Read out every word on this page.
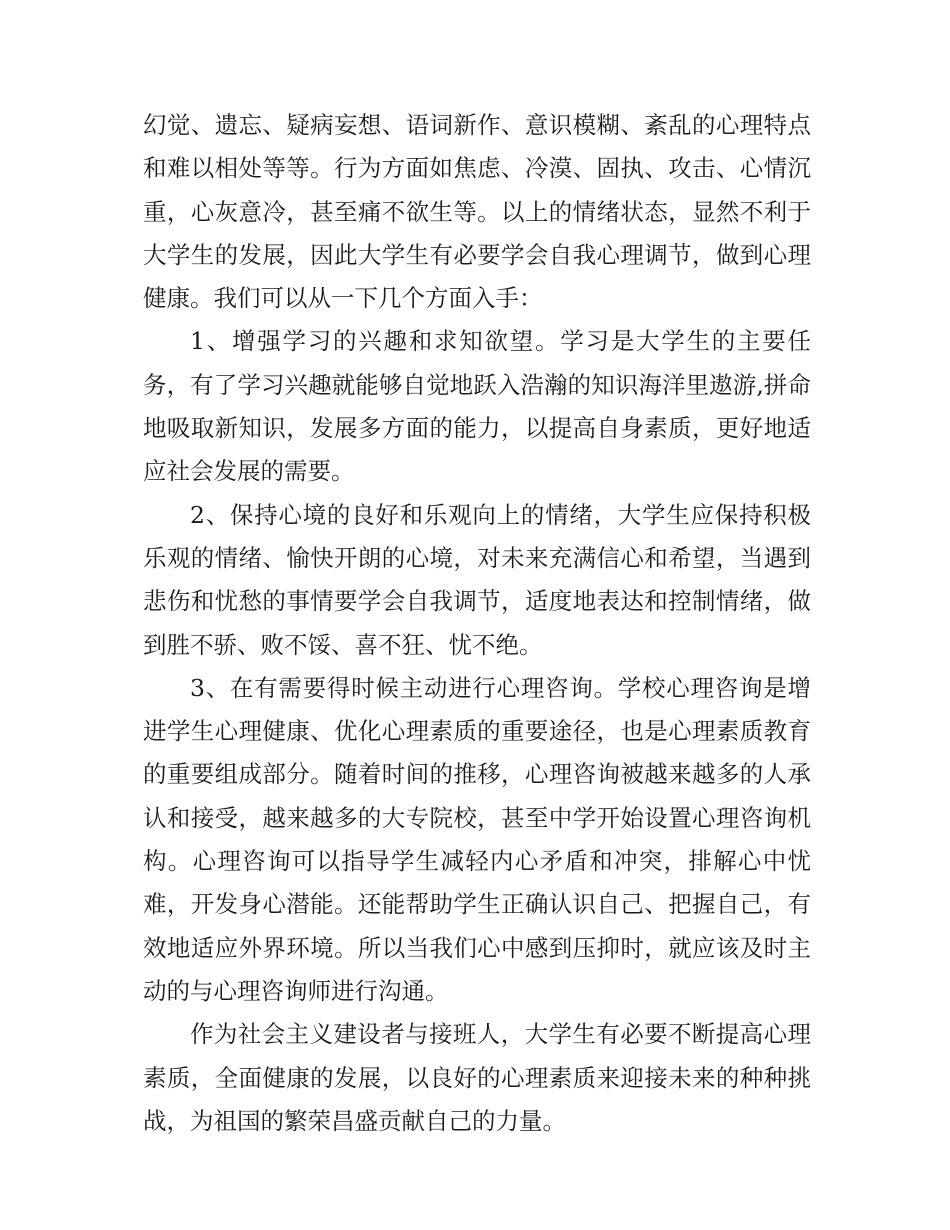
幻觉、遗忘、疑病妄想、语词新作、意识模糊、紊乱的心理特点和难以相处等等。行为方面如焦虑、冷漠、固执、攻击、心情沉重，心灰意冷，甚至痛不欲生等。以上的情绪状态，显然不利于大学生的发展，因此大学生有必要学会自我心理调节，做到心理健康。我们可以从一下几个方面入手：

1、增强学习的兴趣和求知欲望。学习是大学生的主要任务，有了学习兴趣就能够自觉地跃入浩瀚的知识海洋里遨游,拼命地吸取新知识，发展多方面的能力，以提高自身素质，更好地适应社会发展的需要。

2、保持心境的良好和乐观向上的情绪，大学生应保持积极乐观的情绪、愉快开朗的心境，对未来充满信心和希望，当遇到悲伤和忧愁的事情要学会自我调节，适度地表达和控制情绪，做到胜不骄、败不馁、喜不狂、忧不绝。

3、在有需要得时候主动进行心理咨询。学校心理咨询是增进学生心理健康、优化心理素质的重要途径，也是心理素质教育的重要组成部分。随着时间的推移，心理咨询被越来越多的人承认和接受，越来越多的大专院校，甚至中学开始设置心理咨询机构。心理咨询可以指导学生减轻内心矛盾和冲突，排解心中忧难，开发身心潜能。还能帮助学生正确认识自己、把握自己，有效地适应外界环境。所以当我们心中感到压抑时，就应该及时主动的与心理咨询师进行沟通。

作为社会主义建设者与接班人，大学生有必要不断提高心理素质，全面健康的发展，以良好的心理素质来迎接未来的种种挑战，为祖国的繁荣昌盛贡献自己的力量。
